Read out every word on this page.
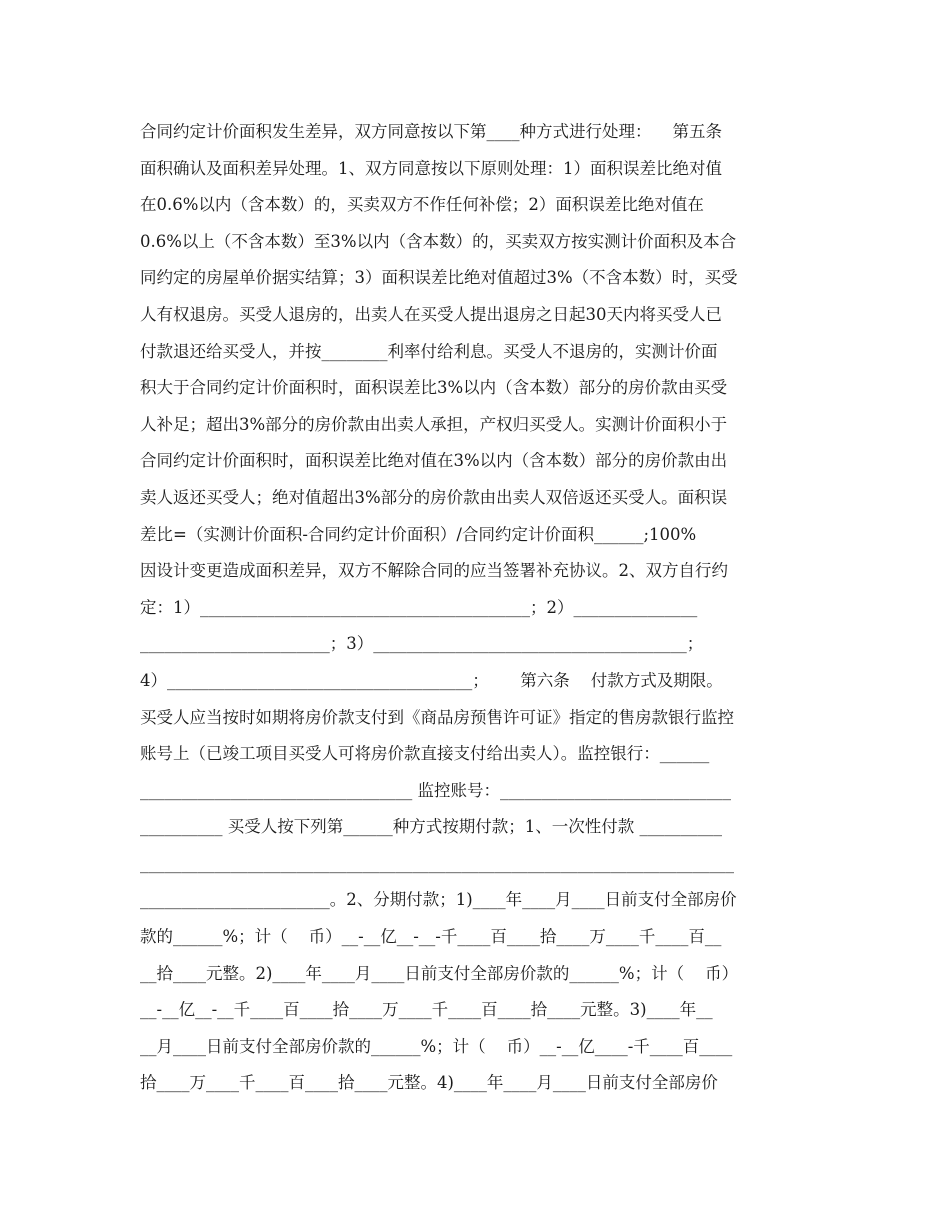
合同约定计价面积发生差异，双方同意按以下第____种方式进行处理：    第五条
面积确认及面积差异处理。1、双方同意按以下原则处理：1）面积误差比绝对值
在0.6%以内（含本数）的，买卖双方不作任何补偿；2）面积误差比绝对值在
0.6%以上（不含本数）至3%以内（含本数）的，买卖双方按实测计价面积及本合
同约定的房屋单价据实结算；3）面积误差比绝对值超过3%（不含本数）时，买受
人有权退房。买受人退房的，出卖人在买受人提出退房之日起30天内将买受人已
付款退还给买受人，并按________利率付给利息。买受人不退房的，实测计价面
积大于合同约定计价面积时，面积误差比3%以内（含本数）部分的房价款由买受
人补足；超出3%部分的房价款由出卖人承担，产权归买受人。实测计价面积小于
合同约定计价面积时，面积误差比绝对值在3%以内（含本数）部分的房价款由出
卖人返还买受人；绝对值超出3%部分的房价款由出卖人双倍返还买受人。面积误
差比=（实测计价面积-合同约定计价面积）/合同约定计价面积______;100%
因设计变更造成面积差异，双方不解除合同的应当签署补充协议。2、双方自行约
定：1）________________________________________；2）_______________
_______________________；3）______________________________________；
4）_____________________________________；      第六条    付款方式及期限。
买受人应当按时如期将房价款支付到《商品房预售许可证》指定的售房款银行监控
账号上（已竣工项目买受人可将房价款直接支付给出卖人）。监控银行：______
_________________________________ 监控账号：____________________________
__________ 买受人按下列第______种方式按期付款；1、一次性付款 __________
________________________________________________________________________
_______________________。2、分期付款；1)____年____月____日前支付全部房价
款的______%；计（    币）__-__亿__-__-千____百____拾____万____千____百__
__拾____元整。2)____年____月____日前支付全部房价款的______%；计（    币）
__-__亿__-__千____百____拾____万____千____百____拾____元整。3)____年__
__月____日前支付全部房价款的______%；计（    币）__-__亿____-千____百____
拾____万____千____百____拾____元整。4)____年____月____日前支付全部房价
